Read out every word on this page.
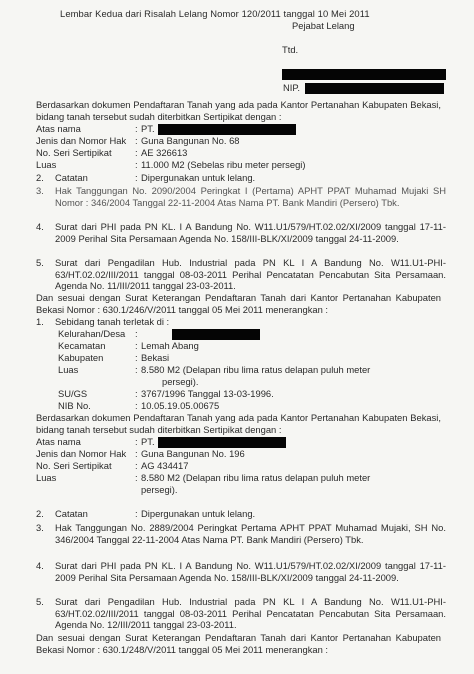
Lembar Kedua dari Risalah Lelang Nomor 120/2011 tanggal 10 Mei 2011
Pejabat Lelang
Ttd.
NIP.
Berdasarkan dokumen Pendaftaran Tanah yang ada pada Kantor Pertanahan Kabupaten Bekasi, bidang tanah tersebut sudah diterbitkan Sertipikat dengan :
Atas nama	: PT.
Jenis dan Nomor Hak : Guna Bangunan No. 68
No. Seri Sertipikat : AE 326613
Luas	: 11.000 M2 (Sebelas ribu meter persegi)
2. Catatan	: Dipergunakan untuk lelang.
3. Hak Tanggungan No. 2090/2004 Peringkat I (Pertama) APHT PPAT Muhamad Mujaki SH Nomor : 346/2004 Tanggal 22-11-2004 Atas Nama PT. Bank Mandiri (Persero) Tbk.
4. Surat dari PHI pada PN KL. I A Bandung No. W11.U1/579/HT.02.02/XI/2009 tanggal 17-11-2009 Perihal Sita Persamaan Agenda No. 158/III-BLK/XI/2009 tanggal 24-11-2009.
5. Surat dari Pengadilan Hub. Industrial pada PN KL I A Bandung No. W11.U1-PHI-63/HT.02.02/III/2011 tanggal 08-03-2011 Perihal Pencatatan Pencabutan Sita Persamaan. Agenda No. 11/III/2011 tanggal 23-03-2011.
Dan sesuai dengan Surat Keterangan Pendaftaran Tanah dari Kantor Pertanahan Kabupaten Bekasi Nomor : 630.1/246/V/2011 tanggal 05 Mei 2011 menerangkan :
1. Sebidang tanah terletak di :
Kelurahan/Desa :
Kecamatan	: Lemah Abang
Kabupaten	: Bekasi
Luas	: 8.580 M2 (Delapan ribu lima ratus delapan puluh meter
persegi).
SU/GS	: 3767/1996 Tanggal 13-03-1996.
NIB No.	: 10.05.19.05.00675
Berdasarkan dokumen Pendaftaran Tanah yang ada pada Kantor Pertanahan Kabupaten Bekasi, bidang tanah tersebut sudah diterbitkan Sertipikat dengan :
Atas nama	: PT.
Jenis dan Nomor Hak : Guna Bangunan No. 196
No. Seri Sertipikat : AG 434417
Luas	: 8.580 M2 (Delapan ribu lima ratus delapan puluh meter
persegi).
2. Catatan	: Dipergunakan untuk lelang.
3. Hak Tanggungan No. 2889/2004 Peringkat Pertama APHT PPAT Muhamad Mujaki, SH No. 346/2004 Tanggal 22-11-2004 Atas Nama PT. Bank Mandiri (Persero) Tbk.
4. Surat dari PHI pada PN KL. I A Bandung No. W11.U1/579/HT.02.02/XI/2009 tanggal 17-11-2009 Perihal Sita Persamaan Agenda No. 158/III-BLK/XI/2009 tanggal 24-11-2009.
5. Surat dari Pengadilan Hub. Industrial pada PN KL I A Bandung No. W11.U1-PHI-63/HT.02.02/III/2011 tanggal 08-03-2011 Perihal Pencatatan Pencabutan Sita Persamaan. Agenda No. 12/III/2011 tanggal 23-03-2011.
Dan sesuai dengan Surat Keterangan Pendaftaran Tanah dari Kantor Pertanahan Kabupaten Bekasi Nomor : 630.1/248/V/2011 tanggal 05 Mei 2011 menerangkan :
